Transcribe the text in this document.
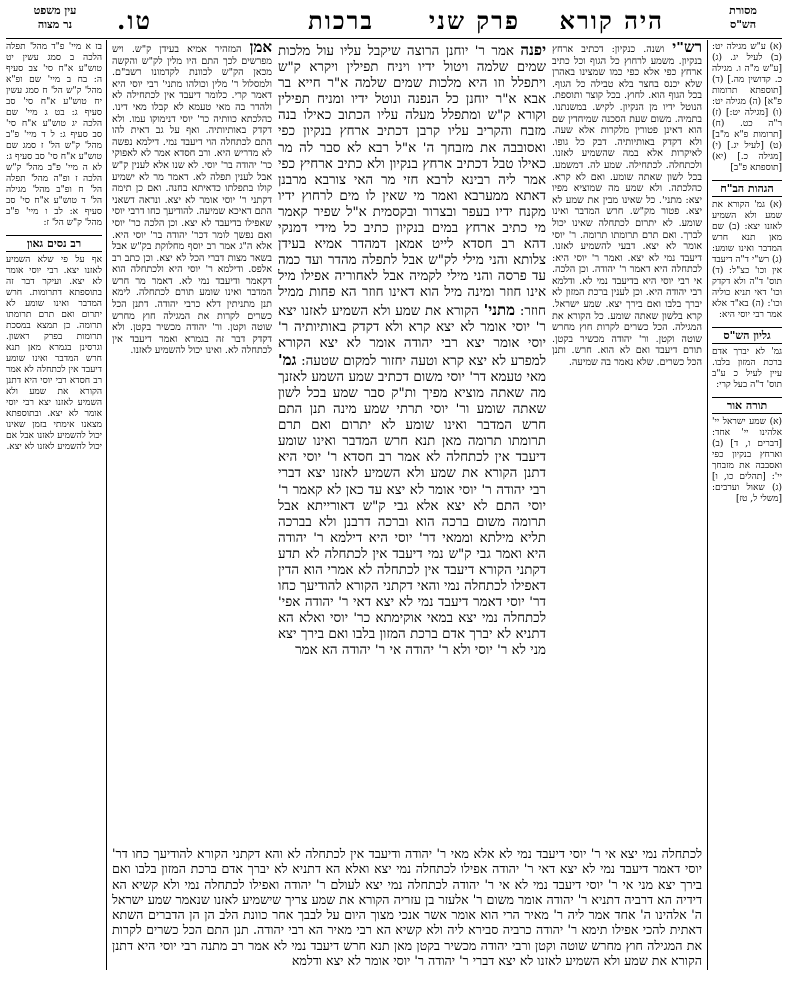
מסורת
הש"ס
היה קורא
פרק שני
ברכות
טו.
עין משפט
נר מצוה

(א) ע"ש מגילה יט: (ב) לעיל יג. (ג) [ע"ש מ"ה ו. מגילה כ. קדושין מה.] (ד) [תוספתא תרומות פ"א] (ה) מגילה יט: (ו) [מגילה יט:] (ז) ר"ה כט. (ח) [תרומות פ"א מ"ב] (ט) [לעיל יג.] (י) [מגילה כ.] (יא) [תוספתא פ"ב]

הגהות הב"ח

(א) גמ' הקורא את שמע ולא השמיע לאזנו יצא: (ב) שם מאן תנא חרש המדבר ואינו שומע: (ג) רש"י ד"ה דיעבד אין וכו' כצ"ל: (ד) תוס' ד"ה ולא דקדק וכו' דאי תניא כוליה וכו': (ה) בא"ד אלא אמר רבי יוסי היא:

גליון הש"ס

גמ' לא יברך אדם ברכת המזון בלבו. עיין לעיל כ ע"ב תוס' ד"ה בעל קרי:

תורה אור

(א) שמע ישראל יי' אלהינו יי' אחד: [דברים ו, ד] (ב) וארחץ בנקיון כפי ואסבבה את מזבחך יי': [תהלים כו, ו] (ג) שאול וערבים: [משלי ל, טז]

בז א מיי' פ"ד מהל' תפלה הלכה ב סמג עשין יט טוש"ע א"ח סי' צב סעיף ה: בח ב מיי' שם ופ"א מהל' ק"ש הל' ח סמג עשין יח טוש"ע א"ח סי' סב סעיף ג: בט ג מיי' שם הלכה יג טוש"ע א"ח סי' סב סעיף ג: ל ד מיי' פ"ב מהל' ק"ש הל' ז סמג שם טוש"ע א"ח סי' סב סעיף ג: לא ה מיי' פ"ב מהל' ק"ש הלכה ז ופ"ה מהל' תפלה הל' ח ופ"ב מהל' מגילה הל' ד טוש"ע א"ח סי' סב סעיף א: לב ו מיי' פ"ב מהל' ק"ש הל' ז:

רב נסים גאון

אף על פי שלא השמיע לאזנו יצא. רבי יוסי אומר לא יצא. ועיקר דבר זה בתוספתא דתרומות. חרש המדבר ואינו שומע לא יתרום ואם תרם תרומתו תרומה. כן תמצא במסכת תרומות בפרק ראשון. וגרסינן בגמרא מאן תנא חרש המדבר ואינו שומע דיעבד אין לכתחלה לא אמר רב חסדא רבי יוסי היא דתנן הקורא את שמע ולא השמיע לאזנו יצא רבי יוסי אומר לא יצא. ובתוספתא מצאנו אימתי בזמן שאינו יכול להשמיע לאזנו אבל אם יכול להשמיע לאזנו לא יצא.

רש"י ושנה. כנקיון: דכתיב ארחץ בנקיון. משמע לרחוץ כל הגוף וכל כתיב ארחץ כפי אלא כפי כמו שמצינו באהרן שלא יכנס בחצר בלא טבילה כל הגוף. בכל הגוף הוא. לחוץ. בכל קוצר ותוספת. הנוטל ידיו מן הנקיון. לקיש. במשנתנו. בתמיה. משום שעת הסכנה שמיחדין שם הוא דאינן פטורין מלקרות אלא שעה. ולא דקדק באותיותיה. דבק כל גופו. לאיקרות אלא במה שהשמיע לאזנו. ולכתחלה. לכתחילה. שמע לה. דמשמע. בכל לשון שאתה שומע. ואם לא קרא. כהלכתה. ולא שמע מה שמוציא מפיו יצא: מתני'. כל שאינו מבין את שמע לא יצא. פטור מק"ש. חרש המדבר ואינו שומע. לא יתרום לכתחלה שאינו יכול לברך. ואם תרם תרומתו תרומה. ר' יוסי אומר לא יצא. דבעי להשמיע לאזנו. דיעבד נמי לא יצא. ואמר ר' יוסי היא: לכתחלה היא דאמר ר' יהודה. וכן הלכה. אי רבי יוסי היא בדיעבד נמי לא. ודלמא רבי יהודה היא. וכן לענין ברכת המזון לא יברך בלבו ואם בירך יצא. שמע ישראל. קרא בלשון שאתה שומע. כל הקורא את המגילה. הכל כשרים לקרות חוץ מחרש שוטה וקטן. ור' יהודה מכשיר בקטן. תורם דיעבד ואם לא הוא. חרש. ותנן הכל כשרים. שלא נאמר בה שמיעה.

אמן המזהיר אמיא בעידן ק"ש. ויש מפרשים לכך התם היו מלין לק"ש והקשה מכאן הק"ש לכוונת לקדמונו רשב"ם. ולמסלול ר' מלין וכולהו מתני' רבי יוסי היא דאמר קרי. כלומר דיעבד אין לכתחילה לא ולהדר בה מאי טעמא לא קבלו מאי דינו. כהלכתא כוותיה כר' יוסי דנימוקו עמו. ולא דקדק באותיותיה. ואף על גב דאית להו התם לכתחלה הוי דיעבד נמי. דילמא נפשה לא מדריש היא. ורב חסדא אמר לא לאפוקי כר' יהודה בר' יוסי. לא שנו אלא לענין ק"ש אבל לענין תפלה לא. דאמר מר לא ישמיע קולו בתפלתו כדאיתא בחנה. ואם כן תימה דקתני ר' יוסי אומר לא יצא. ונראה דשאני התם דאיכא שמיעה. להודיעך כחו דרבי יוסי שאפילו בדיעבד לא יצא. וכן הלכה כר' יוסי ואם נפשך לומר דכר' יהודה בר' יוסי היא. אלא ה"ג אמר רב יוסף מחלוקת בק"ש אבל בשאר מצות דברי הכל לא יצא. וכן כתב רב אלפס. ודילמא ר' יוסי היא ולכתחלה הוא דקאמר ודיעבד נמי לא. דאמר מר חרש המדבר ואינו שומע תורם לכתחלה. לימא תנן מתניתין דלא כרבי יהודה. דתנן הכל כשרים לקרות את המגילה חוץ מחרש שוטה וקטן. ור' יהודה מכשיר בקטן. ולא דקדק דבר זה בגמרא ואמר דיעבד אין לכתחלה לא. ואינו יכול להשמיע לאזנו.

יפנה אמר ר' יוחנן הרוצה שיקבל עליו עול מלכות שמים שלמה ויטול ידיו ויניח תפילין ויקרא ק"ש ויתפלל וזו היא מלכות שמים שלמה א"ר חייא בר אבא א"ר יוחנן כל הנפנה ונוטל ידיו ומניח תפילין וקורא ק"ש ומתפלל מעלה עליו הכתוב כאילו בנה מזבח והקריב עליו קרבן דכתיב ארחץ בנקיון כפי ואסובבה את מזבחך ה' א"ל רבא לא סבר לה מר כאילו טבל דכתיב ארחץ בנקיון ולא כתיב ארחיץ כפי אמר ליה רבינא לרבא חזי מר האי צורבא מרבנן דאתא ממערבא ואמר מי שאין לו מים לרחוץ ידיו מקנח ידיו בעפר ובצרור ובקסמית א"ל שפיר קאמר מי כתיב ארחץ במים בנקיון כתיב כל מידי דמנקי דהא רב חסדא לייט אמאן דמהדר אמיא בעידן צלותא והני מילי לק"ש אבל לתפלה מהדר ועד כמה עד פרסה והני מילי לקמיה אבל לאחוריה אפילו מיל אינו חוזר ומינה מיל הוא דאינו חוזר הא פחות ממיל חוזר: מתני' הקורא את שמע ולא השמיע לאזנו יצא ר' יוסי אומר לא יצא קרא ולא דקדק באותיותיה ר' יוסי אומר יצא רבי יהודה אומר לא יצא הקורא למפרע לא יצא קרא וטעה יחזור למקום שטעה: גמ' מאי טעמא דר' יוסי משום דכתיב שמע השמע לאזנך מה שאתה מוציא מפיך ות"ק סבר שמע בכל לשון שאתה שומע ור' יוסי תרתי שמע מינה תנן התם חרש המדבר ואינו שומע לא יתרום ואם תרם תרומתו תרומה מאן תנא חרש המדבר ואינו שומע דיעבד אין לכתחלה לא אמר רב חסדא ר' יוסי היא דתנן הקורא את שמע ולא השמיע לאזנו יצא דברי רבי יהודה ר' יוסי אומר לא יצא עד כאן לא קאמר ר' יוסי התם לא יצא אלא גבי ק"ש דאורייתא אבל תרומה משום ברכה הוא וברכה דרבנן ולא בברכה תליא מילתא וממאי דר' יוסי היא דילמא ר' יהודה היא ואמר גבי ק"ש נמי דיעבד אין לכתחלה לא תדע דקתני הקורא דיעבד אין לכתחלה לא אמרי הוא הדין דאפילו לכתחלה נמי והאי דקתני הקורא להודיעך כחו דר' יוסי דאמר דיעבד נמי לא יצא דאי ר' יהודה אפי' לכתחלה נמי יצא במאי אוקימתא כר' יוסי ואלא הא דתניא לא יברך אדם ברכת המזון בלבו ואם בירך יצא מני לא ר' יוסי ולא ר' יהודה אי ר' יהודה הא אמר

לכתחלה נמי יצא אי ר' יוסי דיעבד נמי לא אלא מאי ר' יהודה ודיעבד אין לכתחלה לא והא דקתני הקורא להודיעך כחו דר' יוסי דאמר דיעבד נמי לא יצא דאי ר' יהודה אפילו לכתחלה נמי יצא ואלא הא דתניא לא יברך אדם ברכת המזון בלבו ואם בירך יצא מני אי ר' יוסי דיעבד נמי לא אי ר' יהודה לכתחלה נמי יצא לעולם ר' יהודה ואפילו לכתחלה נמי ולא קשיא הא דידיה הא דרביה דתניא ר' יהודה אומר משום ר' אלעזר בן עזריה הקורא את שמע צריך שישמיע לאזנו שנאמר שמע ישראל ה' אלהינו ה' אחד אמר ליה ר' מאיר הרי הוא אומר אשר אנכי מצוך היום על לבבך אחר כוונת הלב הן הן הדברים השתא דאתית להכי אפילו תימא ר' יהודה כרביה סבירא ליה ולא קשיא הא רבי מאיר הא רבי יהודה. תנן התם הכל כשרים לקרות את המגילה חוץ מחרש שוטה וקטן ורבי יהודה מכשיר בקטן מאן תנא חרש דיעבד נמי לא אמר רב מתנה רבי יוסי היא דתנן הקורא את שמע ולא השמיע לאזנו לא יצא דברי ר' יהודה ר' יוסי אומר לא יצא ודלמא
